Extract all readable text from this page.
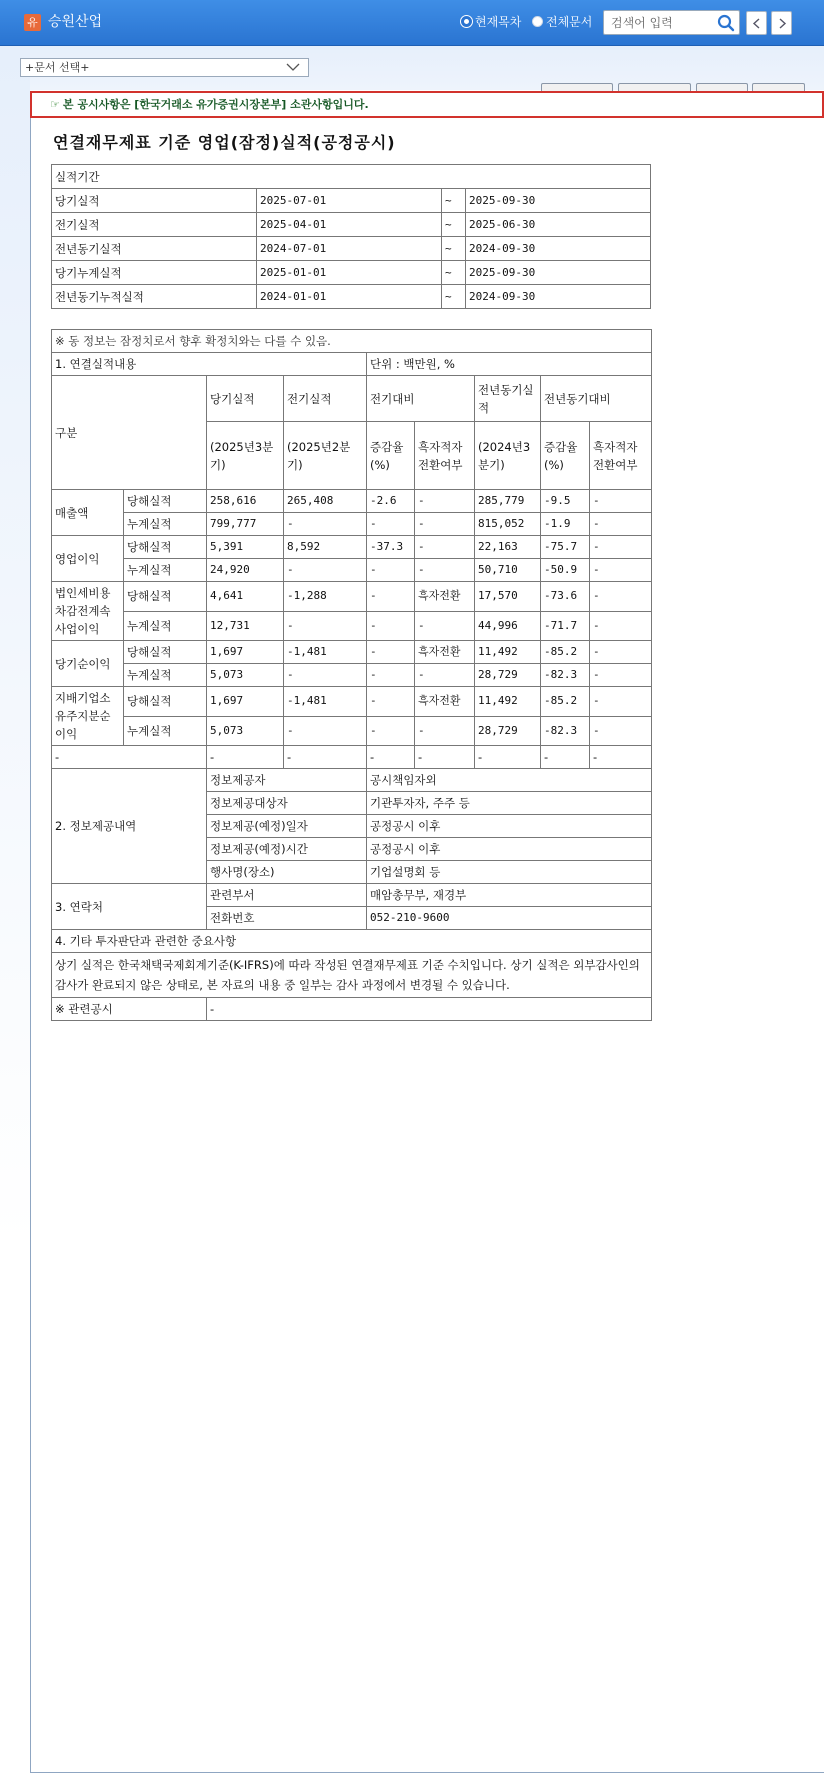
유 승원산업	현재목차	전체문서
검색어 입력
+문서 선택+
☞ 본 공시사항은 [한국거래소 유가증권시장본부] 소관사항입니다.
연결재무제표 기준 영업(잠정)실적(공정공시)
실적기간			
당기실적	2025-07-01	~	2025-09-30
전기실적	2025-04-01	~	2025-06-30
전년동기실적	2024-07-01	~	2024-09-30
당기누계실적	2025-01-01	~	2025-09-30
전년동기누적실적	2024-01-01	~	2024-09-30
※ 동 정보는 잠정치로서 향후 확정치와는 다를 수 있음.								
1. 연결실적내용				단위 : 백만원, %				
구분		당기실적	전기실적	전기대비		전년동기실적	전년동기대비	
		(2025년3분기)	(2025년2분기)	증감율(%)	흑자적자전환여부	(2024년3분기)	증감율(%)	흑자적자전환여부
매출액	당해실적	258,616	265,408	-2.6	-	285,779	-9.5	-
	누계실적	799,777	-	-	-	815,052	-1.9	-
영업이익	당해실적	5,391	8,592	-37.3	-	22,163	-75.7	-
	누계실적	24,920	-	-	-	50,710	-50.9	-
법인세비용차감전계속사업이익	당해실적	4,641	-1,288	-	흑자전환	17,570	-73.6	-
	누계실적	12,731	-	-	-	44,996	-71.7	-
당기순이익	당해실적	1,697	-1,481	-	흑자전환	11,492	-85.2	-
	누계실적	5,073	-	-	-	28,729	-82.3	-
지배기업소유주지분순이익	당해실적	1,697	-1,481	-	흑자전환	11,492	-85.2	-
	누계실적	5,073	-	-	-	28,729	-82.3	-
-		-	-	-	-	-	-	-
2. 정보제공내역		정보제공자		공시책임자외				
		정보제공대상자		기관투자자, 주주 등				
		정보제공(예정)일자		공정공시 이후				
		정보제공(예정)시간		공정공시 이후				
		행사명(장소)		기업설명회 등				
3. 연락처		관련부서		매암총무부, 재경부				
		전화번호		052-210-9600				
4. 기타 투자판단과 관련한 중요사항								
상기 실적은 한국채택국제회계기준(K-IFRS)에 따라 작성된 연결재무제표 기준 수치입니다. 상기 실적은 외부감사인의 감사가 완료되지 않은 상태로, 본 자료의 내용 중 일부는 감사 과정에서 변경될 수 있습니다.								
※ 관련공시		-						
